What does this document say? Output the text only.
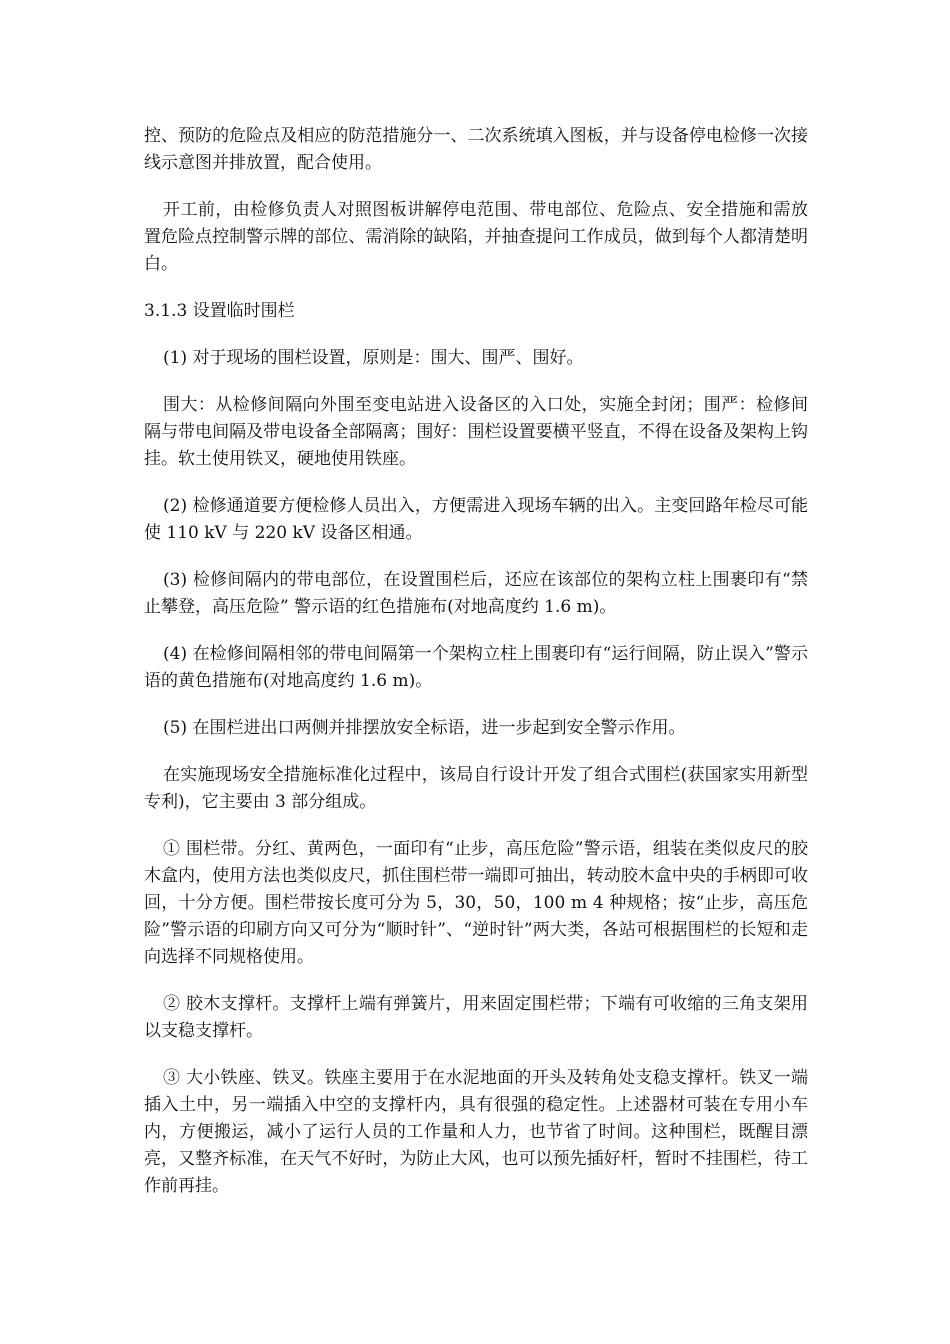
控、预防的危险点及相应的防范措施分一、二次系统填入图板，并与设备停电检修一次接线示意图并排放置，配合使用。

开工前，由检修负责人对照图板讲解停电范围、带电部位、危险点、安全措施和需放置危险点控制警示牌的部位、需消除的缺陷，并抽查提问工作成员，做到每个人都清楚明白。

3.1.3 设置临时围栏

(1) 对于现场的围栏设置，原则是：围大、围严、围好。

围大：从检修间隔向外围至变电站进入设备区的入口处，实施全封闭；围严：检修间隔与带电间隔及带电设备全部隔离；围好：围栏设置要横平竖直，不得在设备及架构上钩挂。软土使用铁叉，硬地使用铁座。

(2) 检修通道要方便检修人员出入，方便需进入现场车辆的出入。主变回路年检尽可能使 110 kV 与 220 kV 设备区相通。

(3) 检修间隔内的带电部位，在设置围栏后，还应在该部位的架构立柱上围裹印有“禁止攀登，高压危险” 警示语的红色措施布(对地高度约 1.6 m)。

(4) 在检修间隔相邻的带电间隔第一个架构立柱上围裹印有“运行间隔，防止误入”警示语的黄色措施布(对地高度约 1.6 m)。

(5) 在围栏进出口两侧并排摆放安全标语，进一步起到安全警示作用。

在实施现场安全措施标准化过程中，该局自行设计开发了组合式围栏(获国家实用新型专利)，它主要由 3 部分组成。

① 围栏带。分红、黄两色，一面印有“止步，高压危险”警示语，组装在类似皮尺的胶木盒内，使用方法也类似皮尺，抓住围栏带一端即可抽出，转动胶木盒中央的手柄即可收回，十分方便。围栏带按长度可分为 5，30，50，100 m 4 种规格；按“止步，高压危险”警示语的印刷方向又可分为“顺时针”、“逆时针”两大类，各站可根据围栏的长短和走向选择不同规格使用。

② 胶木支撑杆。支撑杆上端有弹簧片，用来固定围栏带；下端有可收缩的三角支架用以支稳支撑杆。

③ 大小铁座、铁叉。铁座主要用于在水泥地面的开头及转角处支稳支撑杆。铁叉一端插入土中，另一端插入中空的支撑杆内，具有很强的稳定性。上述器材可装在专用小车内，方便搬运，减小了运行人员的工作量和人力，也节省了时间。这种围栏，既醒目漂亮，又整齐标准，在天气不好时，为防止大风，也可以预先插好杆，暂时不挂围栏，待工作前再挂。
